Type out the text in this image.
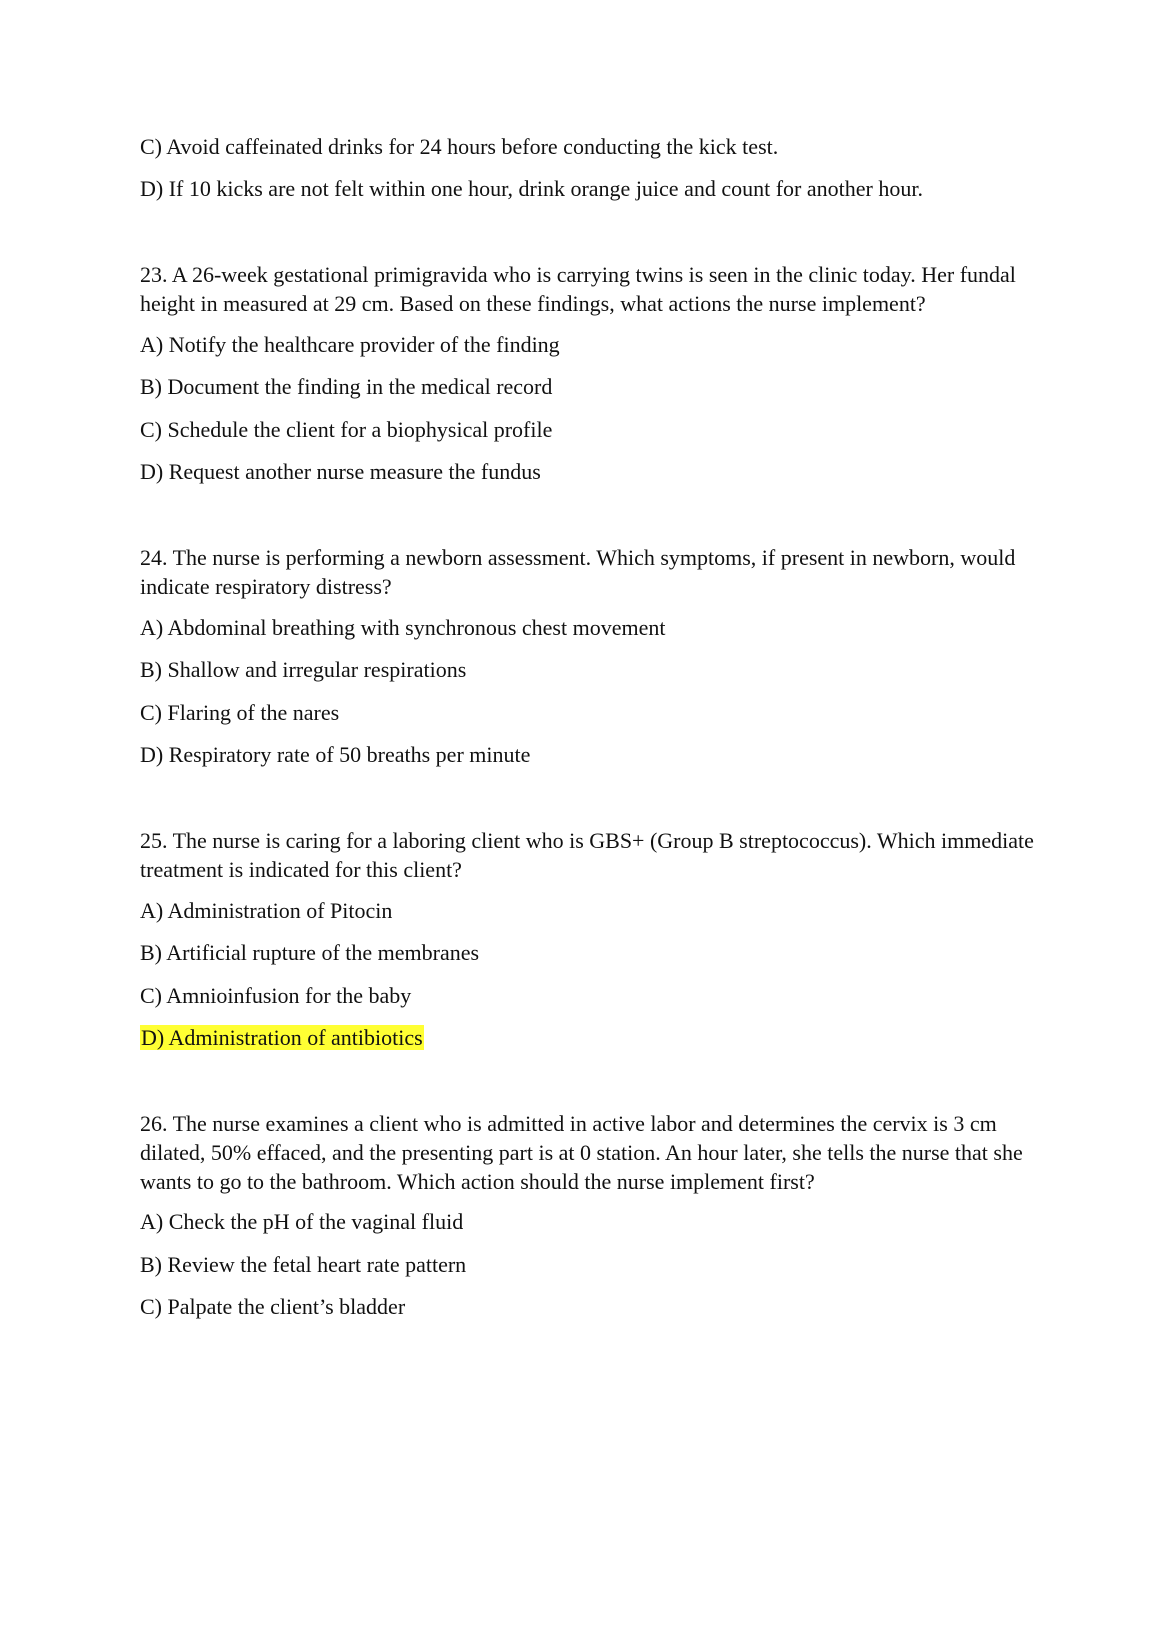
C) Avoid caffeinated drinks for 24 hours before conducting the kick test.
D) If 10 kicks are not felt within one hour, drink orange juice and count for another hour.
23. A 26-week gestational primigravida who is carrying twins is seen in the clinic today. Her fundal height in measured at 29 cm. Based on these findings, what actions the nurse implement?
A) Notify the healthcare provider of the finding
B) Document the finding in the medical record
C) Schedule the client for a biophysical profile
D) Request another nurse measure the fundus
24. The nurse is performing a newborn assessment. Which symptoms, if present in newborn, would indicate respiratory distress?
A) Abdominal breathing with synchronous chest movement
B) Shallow and irregular respirations
C) Flaring of the nares
D) Respiratory rate of 50 breaths per minute
25. The nurse is caring for a laboring client who is GBS+ (Group B streptococcus). Which immediate treatment is indicated for this client?
A) Administration of Pitocin
B) Artificial rupture of the membranes
C) Amnioinfusion for the baby
D) Administration of antibiotics
26. The nurse examines a client who is admitted in active labor and determines the cervix is 3 cm dilated, 50% effaced, and the presenting part is at 0 station. An hour later, she tells the nurse that she wants to go to the bathroom. Which action should the nurse implement first?
A) Check the pH of the vaginal fluid
B) Review the fetal heart rate pattern
C) Palpate the client’s bladder
